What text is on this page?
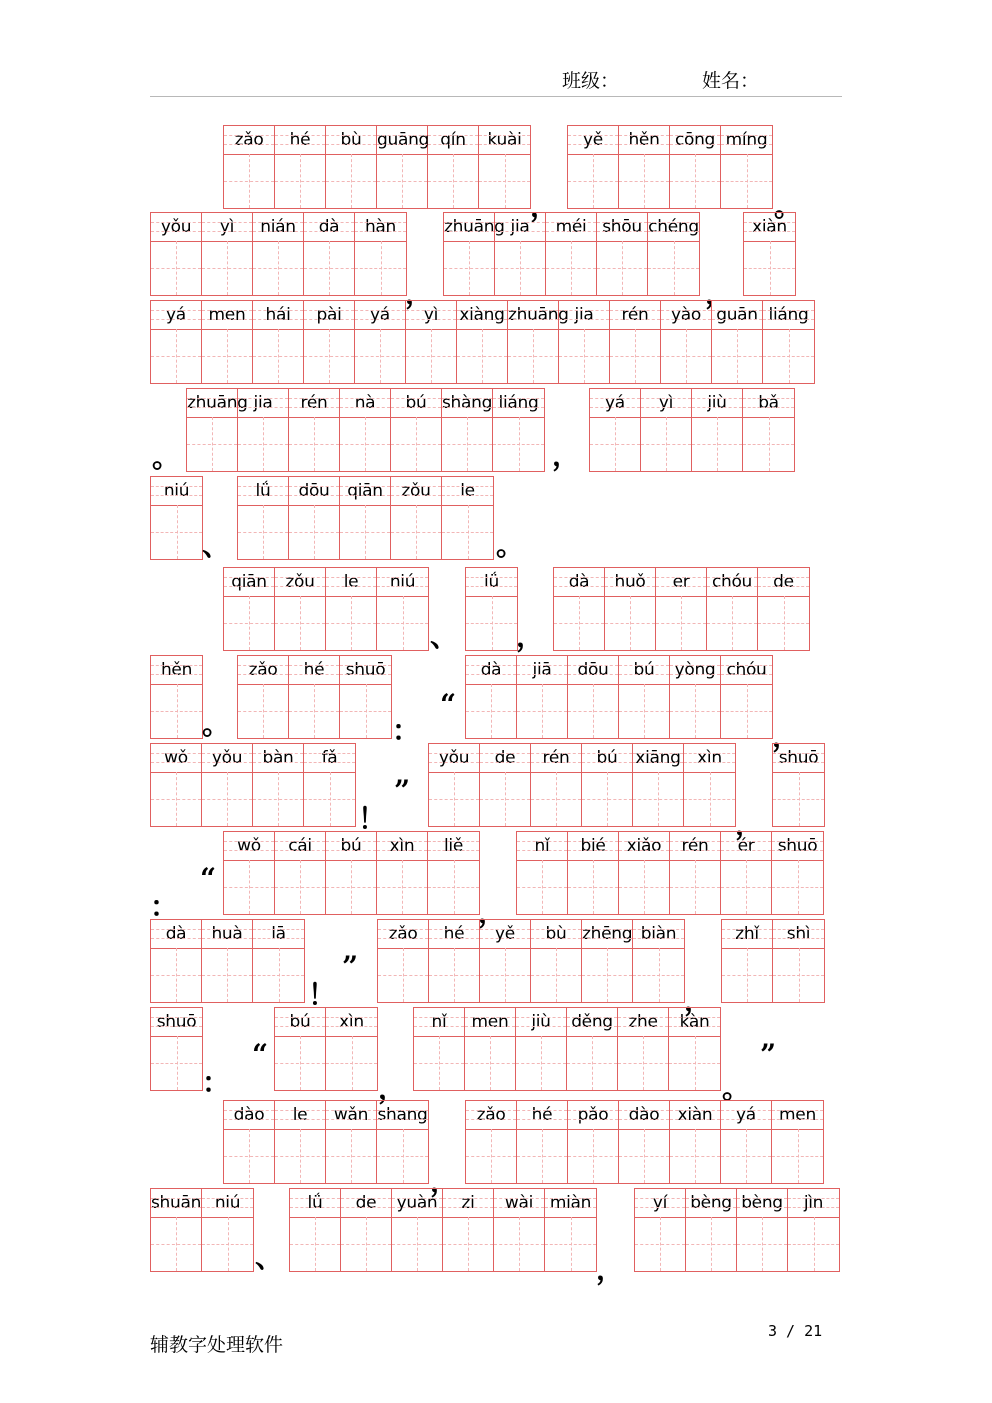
班级：	姓名：
zǎo	hé	bù guāng qín	kuài	yě	hěn cōng míng
，	。
yǒu	yì	nián	dà	hàn	zhuāng jia	méi shōu chéng	xiàn
，	，
yá	men	hái	pài	yá	yì	xiàng zhuāng jia	rén	yào guān liáng
zhuāng jia	rén	nà	bú shàng liáng	yá	yì	jiù	bǎ
。	，
niú	lǘ	dōu	qiān	zǒu	le
、	。
qiān	zǒu	le	niú	lǘ	dà	huǒ	er	chóu	de
、 ，
hěn	zǎo	hé	shuō	dà	jiā	dōu	bú	yòng chóu
。	：
“
，
wǒ	yǒu	bàn	fǎ	yǒu	de	rén	bú	xiāng xìn	shuō
！
”
，
wǒ	cái	bú	xìn	liě	nǐ	bié	xiǎo	rén	ér	shuō
：
“
，
dà	huà	lā	zǎo	hé	yě	bù zhēng biàn	zhǐ	shì
！
”
，
shuō	bú	xìn	nǐ	men	jiù	děng zhe	kàn
：
“
，	。
”
dào	le	wǎn shang	zǎo	hé	pǎo	dào	xiàn	yá	men
，
shuān niú	lǘ	de	yuàn	zi	wài miàn	yí	bèng bèng	jìn
、	，
辅教字处理软件
3 / 21
